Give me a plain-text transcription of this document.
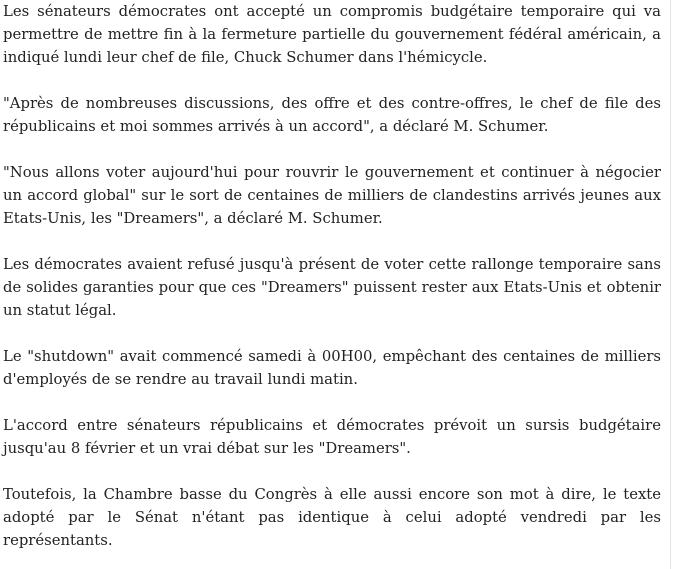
Les sénateurs démocrates ont accepté un compromis budgétaire temporaire qui va permettre de mettre fin à la fermeture partielle du gouvernement fédéral américain, a indiqué lundi leur chef de file, Chuck Schumer dans l'hémicycle.

"Après de nombreuses discussions, des offre et des contre-offres, le chef de file des républicains et moi sommes arrivés à un accord", a déclaré M. Schumer.

"Nous allons voter aujourd'hui pour rouvrir le gouvernement et continuer à négocier un accord global" sur le sort de centaines de milliers de clandestins arrivés jeunes aux Etats-Unis, les "Dreamers", a déclaré M. Schumer.

Les démocrates avaient refusé jusqu'à présent de voter cette rallonge temporaire sans de solides garanties pour que ces "Dreamers" puissent rester aux Etats-Unis et obtenir un statut légal.

Le "shutdown" avait commencé samedi à 00H00, empêchant des centaines de milliers d'employés de se rendre au travail lundi matin.

L'accord entre sénateurs républicains et démocrates prévoit un sursis budgétaire jusqu'au 8 février et un vrai débat sur les "Dreamers".

Toutefois, la Chambre basse du Congrès à elle aussi encore son mot à dire, le texte adopté par le Sénat n'étant pas identique à celui adopté vendredi par les représentants.
